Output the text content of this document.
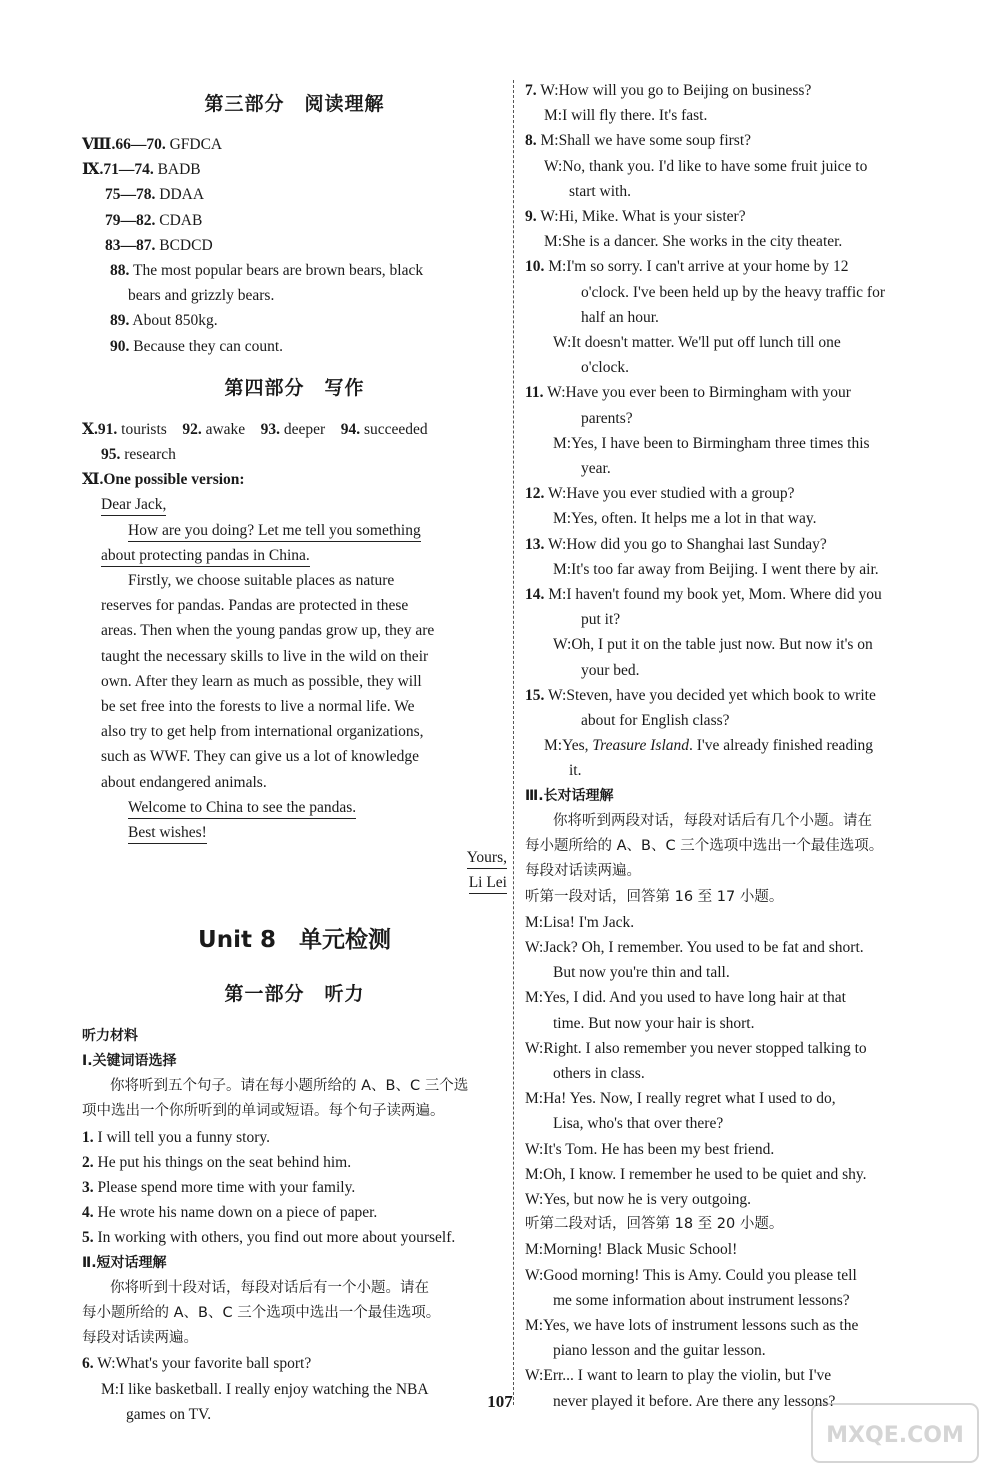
第三部分　阅读理解
Ⅷ.66—70. GFDCA
Ⅸ.71—74. BADB
75—78. DDAA
79—82. CDAB
83—87. BCDCD
88. The most popular bears are brown bears, black
bears and grizzly bears.
89. About 850kg.
90. Because they can count.
第四部分　写作
Ⅹ.91. tourists 92. awake 93. deeper 94. succeeded
95. research
Ⅺ.One possible version:
Dear Jack,
How are you doing? Let me tell you something
about protecting pandas in China.
Firstly, we choose suitable places as nature
reserves for pandas. Pandas are protected in these
areas. Then when the young pandas grow up, they are
taught the necessary skills to live in the wild on their
own. After they learn as much as possible, they will
be set free into the forests to live a normal life. We
also try to get help from international organizations,
such as WWF. They can give us a lot of knowledge
about endangered animals.
Welcome to China to see the pandas.
Best wishes!
Yours,
Li Lei
Unit 8　单元检测
第一部分　听力
听力材料
Ⅰ.关键词语选择
你将听到五个句子。请在每小题所给的 A、B、C 三个选
项中选出一个你所听到的单词或短语。每个句子读两遍。
1. I will tell you a funny story.
2. He put his things on the seat behind him.
3. Please spend more time with your family.
4. He wrote his name down on a piece of paper.
5. In working with others, you find out more about yourself.
Ⅱ.短对话理解
你将听到十段对话，每段对话后有一个小题。请在
每小题所给的 A、B、C 三个选项中选出一个最佳选项。
每段对话读两遍。
6. W:What's your favorite ball sport?
M:I like basketball. I really enjoy watching the NBA
games on TV.
7. W:How will you go to Beijing on business?
M:I will fly there. It's fast.
8. M:Shall we have some soup first?
W:No, thank you. I'd like to have some fruit juice to
start with.
9. W:Hi, Mike. What is your sister?
M:She is a dancer. She works in the city theater.
10. M:I'm so sorry. I can't arrive at your home by 12
o'clock. I've been held up by the heavy traffic for
half an hour.
W:It doesn't matter. We'll put off lunch till one
o'clock.
11. W:Have you ever been to Birmingham with your
parents?
M:Yes, I have been to Birmingham three times this
year.
12. W:Have you ever studied with a group?
M:Yes, often. It helps me a lot in that way.
13. W:How did you go to Shanghai last Sunday?
M:It's too far away from Beijing. I went there by air.
14. M:I haven't found my book yet, Mom. Where did you
put it?
W:Oh, I put it on the table just now. But now it's on
your bed.
15. W:Steven, have you decided yet which book to write
about for English class?
M:Yes, Treasure Island. I've already finished reading
it.
Ⅲ.长对话理解
你将听到两段对话，每段对话后有几个小题。请在
每小题所给的 A、B、C 三个选项中选出一个最佳选项。
每段对话读两遍。
听第一段对话，回答第 16 至 17 小题。
M:Lisa! I'm Jack.
W:Jack? Oh, I remember. You used to be fat and short.
But now you're thin and tall.
M:Yes, I did. And you used to have long hair at that
time. But now your hair is short.
W:Right. I also remember you never stopped talking to
others in class.
M:Ha! Yes. Now, I really regret what I used to do,
Lisa, who's that over there?
W:It's Tom. He has been my best friend.
M:Oh, I know. I remember he used to be quiet and shy.
W:Yes, but now he is very outgoing.
听第二段对话，回答第 18 至 20 小题。
M:Morning! Black Music School!
W:Good morning! This is Amy. Could you please tell
me some information about instrument lessons?
M:Yes, we have lots of instrument lessons such as the
piano lesson and the guitar lesson.
W:Err... I want to learn to play the violin, but I've
never played it before. Are there any lessons?
107
MXQE.COM
